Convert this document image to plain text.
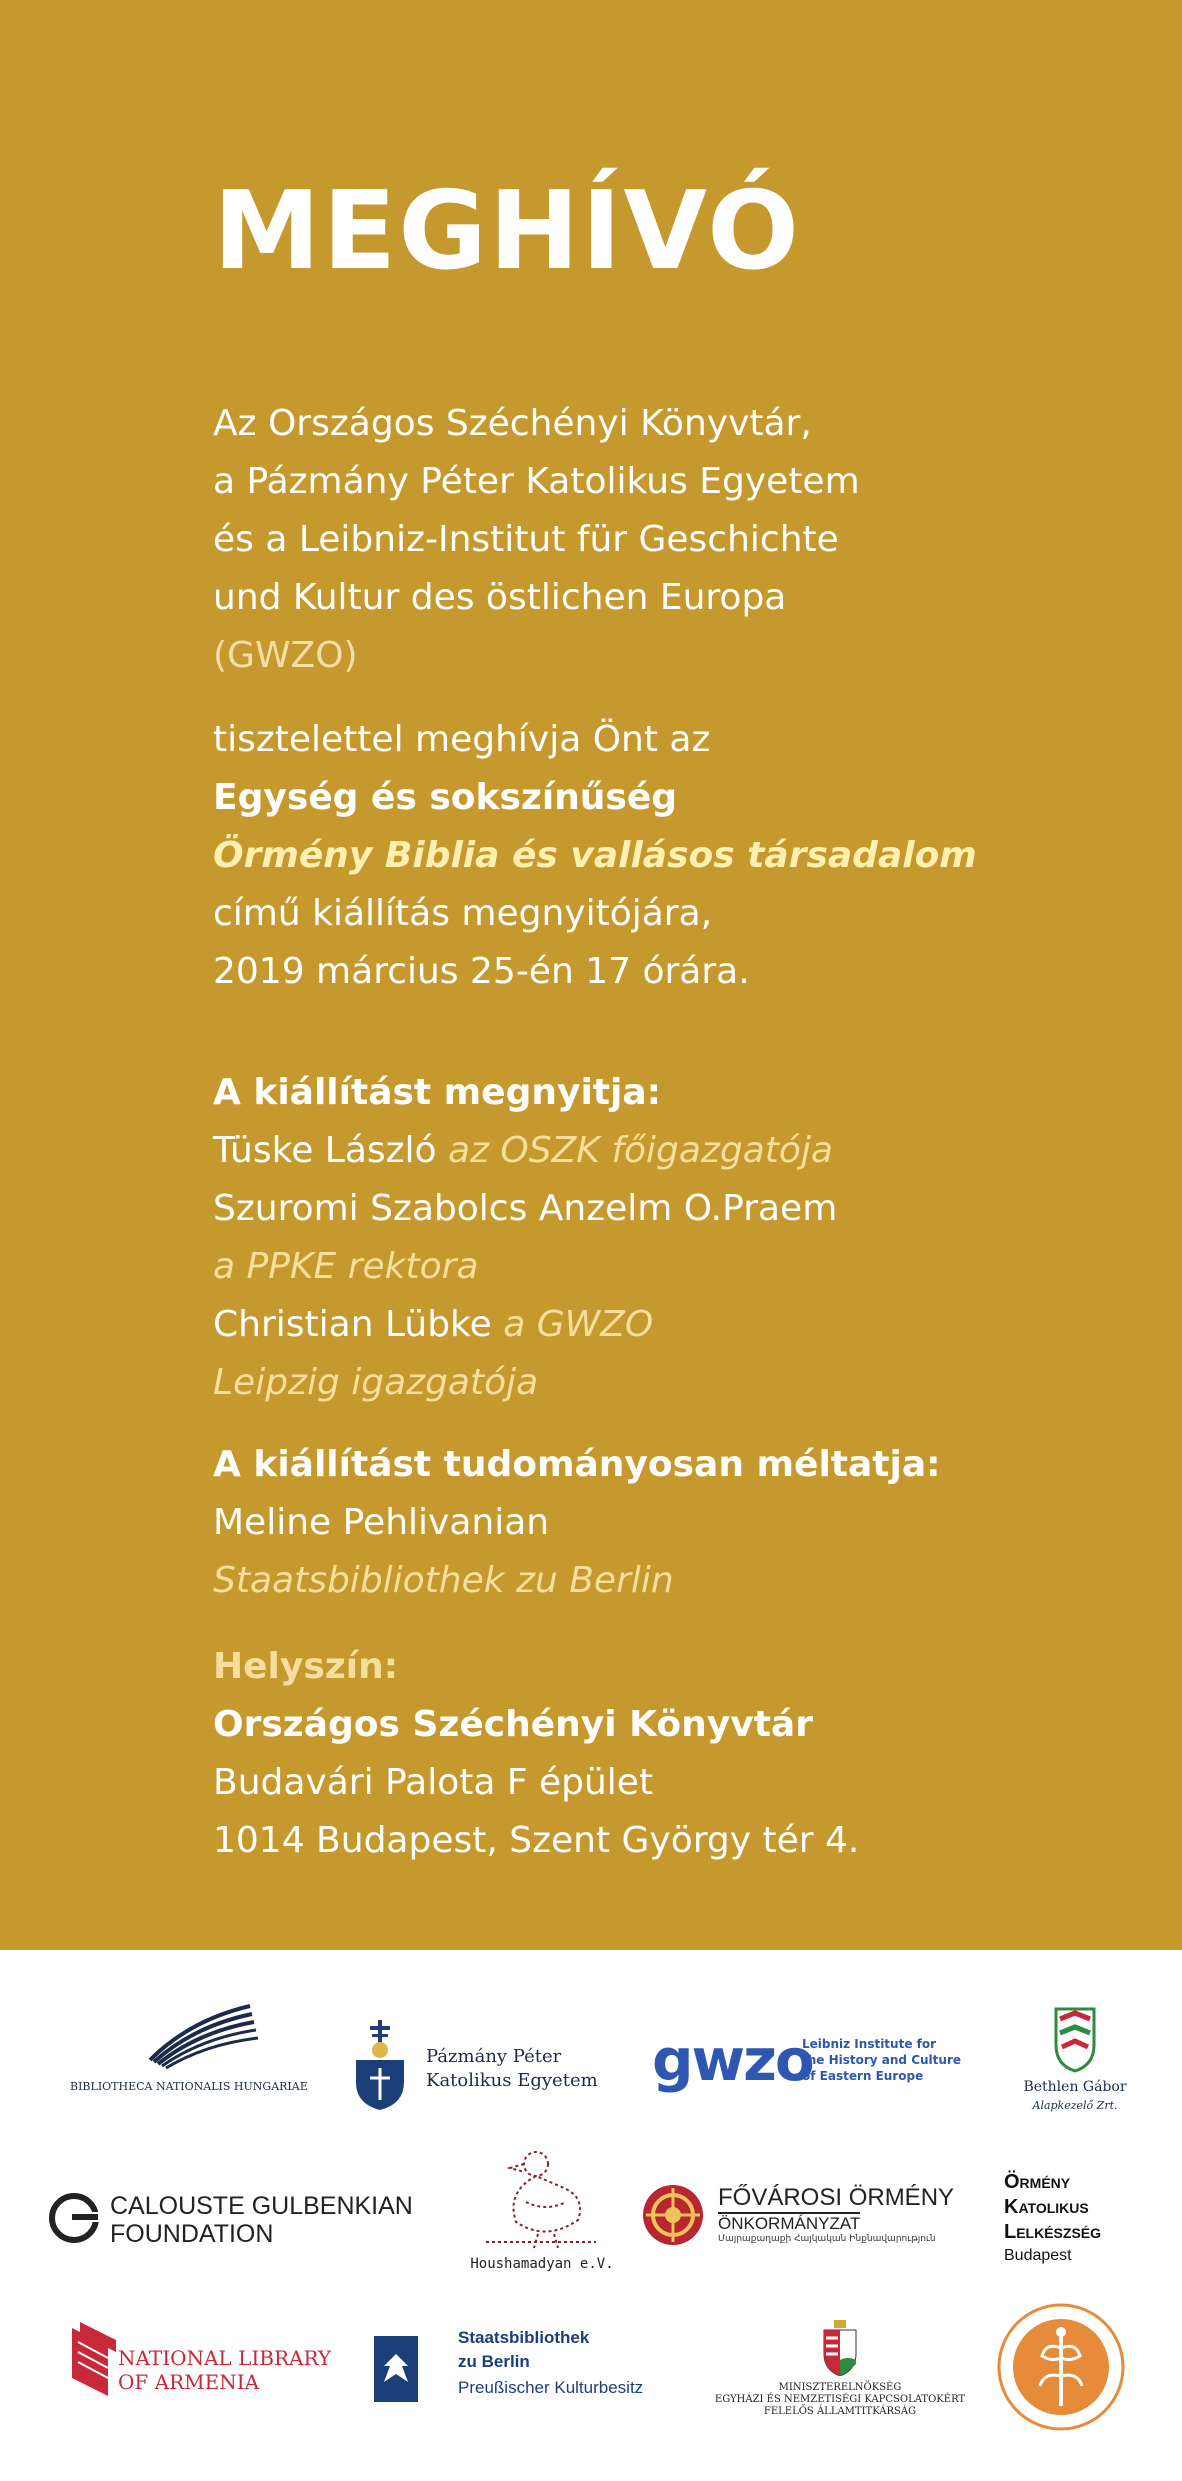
MEGHÍVÓ
Az Országos Széchényi Könyvtár,
a Pázmány Péter Katolikus Egyetem
és a Leibniz-Institut für Geschichte
und Kultur des östlichen Europa
(GWZO)
tisztelettel meghívja Önt az
Egység és sokszínűség
Örmény Biblia és vallásos társadalom
című kiállítás megnyitójára,
2019 március 25-én 17 órára.
A kiállítást megnyitja:
Tüske László az OSZK főigazgatója
Szuromi Szabolcs Anzelm O.Praem
a PPKE rektora
Christian Lübke a GWZO
Leipzig igazgatója
A kiállítást tudományosan méltatja:
Meline Pehlivanian
Staatsbibliothek zu Berlin
Helyszín:
Országos Széchényi Könyvtár
Budavári Palota F épület
1014 Budapest, Szent György tér 4.
BIBLIOTHECA NATIONALIS HUNGARIAE
Pázmány Péter
Katolikus Egyetem gwzo
Leibniz Institute for
the History and Culture
of Eastern Europe
Bethlen Gábor
Alapkezelő Zrt.
CALOUSTE GULBENKIAN
FOUNDATION
Houshamadyan e.V.
FŐVÁROSI ÖRMÉNY
ÖNKORMÁNYZAT
Մայրաքաղաքի Հայկական Ինքնավարություն
Örmény
Katolikus
Lelkészség
Budapest
NATIONAL LIBRARY
OF ARMENIA
Staatsbibliothek
zu Berlin
Preußischer Kulturbesitz	MINISZTERELNÖKSÉG
EGYHÁZI ÉS NEMZETISÉGI KAPCSOLATOKÉRT
FELELŐS ÁLLAMTITKÁRSÁG
